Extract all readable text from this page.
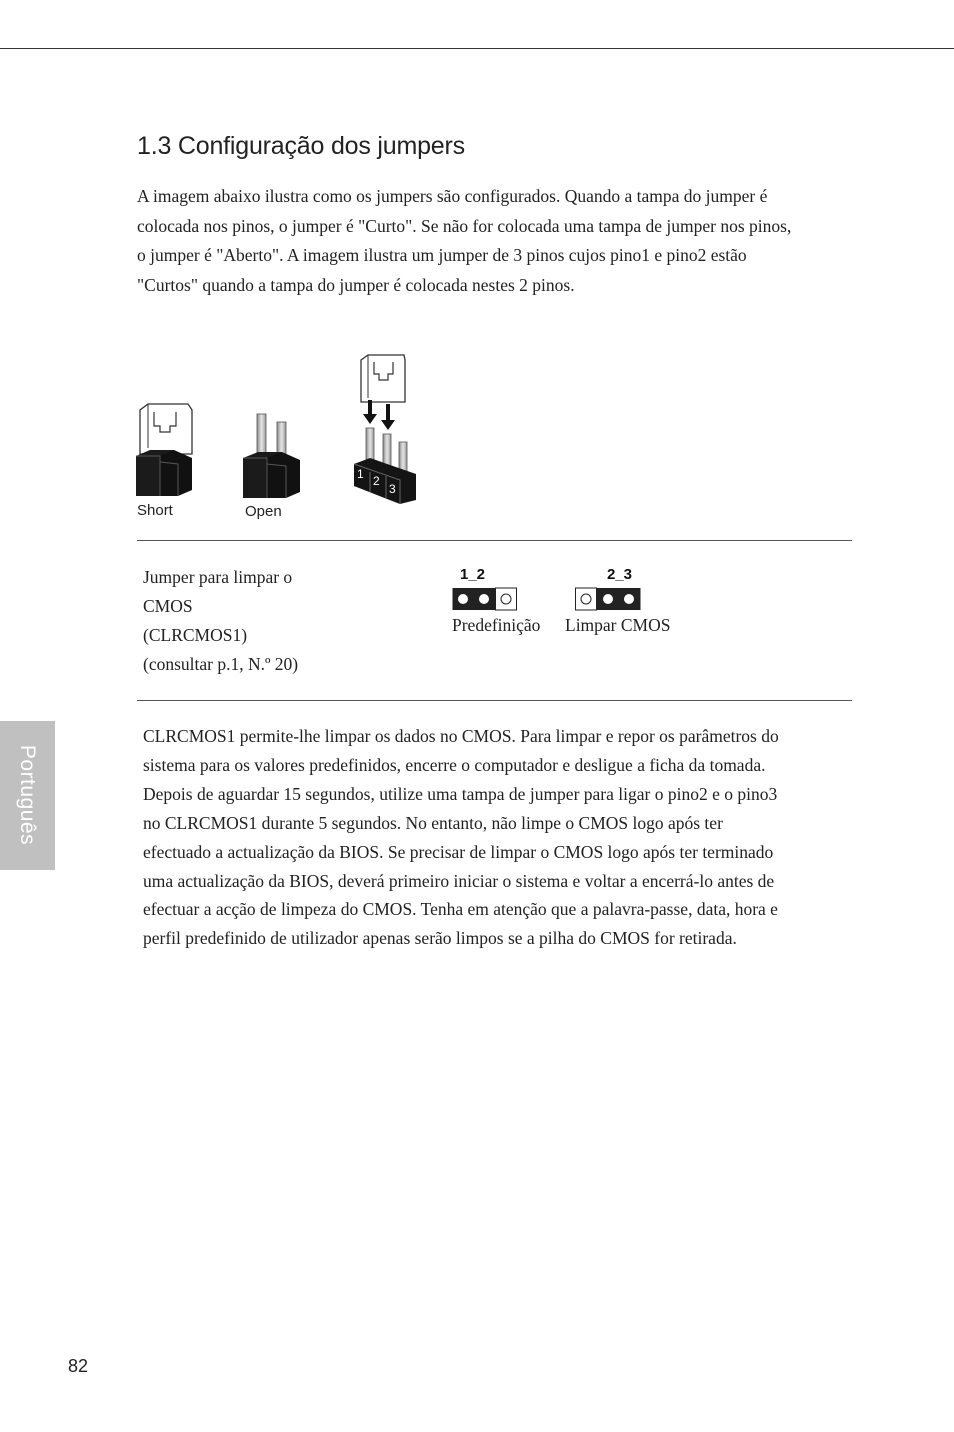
1.3 Configuração dos jumpers

A imagem abaixo ilustra como os jumpers são configurados. Quando a tampa do jumper é colocada nos pinos, o jumper é "Curto". Se não for colocada uma tampa de jumper nos pinos, o jumper é "Aberto". A imagem ilustra um jumper de 3 pinos cujos pino1 e pino2 estão "Curtos" quando a tampa do jumper é colocada nestes 2 pinos.

1 2
3
Short	Open

Jumper para limpar o
CMOS
(CLRCMOS1)
(consultar p.1, N.º 20)

1_2
Predefinição
2_3
Limpar CMOS

CLRCMOS1 permite-lhe limpar os dados no CMOS. Para limpar e repor os parâmetros do sistema para os valores predefinidos, encerre o computador e desligue a ficha da tomada. Depois de aguardar 15 segundos, utilize uma tampa de jumper para ligar o pino2 e o pino3 no CLRCMOS1 durante 5 segundos. No entanto, não limpe o CMOS logo após ter efectuado a actualização da BIOS. Se precisar de limpar o CMOS logo após ter terminado uma actualização da BIOS, deverá primeiro iniciar o sistema e voltar a encerrá-lo antes de efectuar a acção de limpeza do CMOS. Tenha em atenção que a palavra-passe, data, hora e perfil predefinido de utilizador apenas serão limpos se a pilha do CMOS for retirada.

Português
82
